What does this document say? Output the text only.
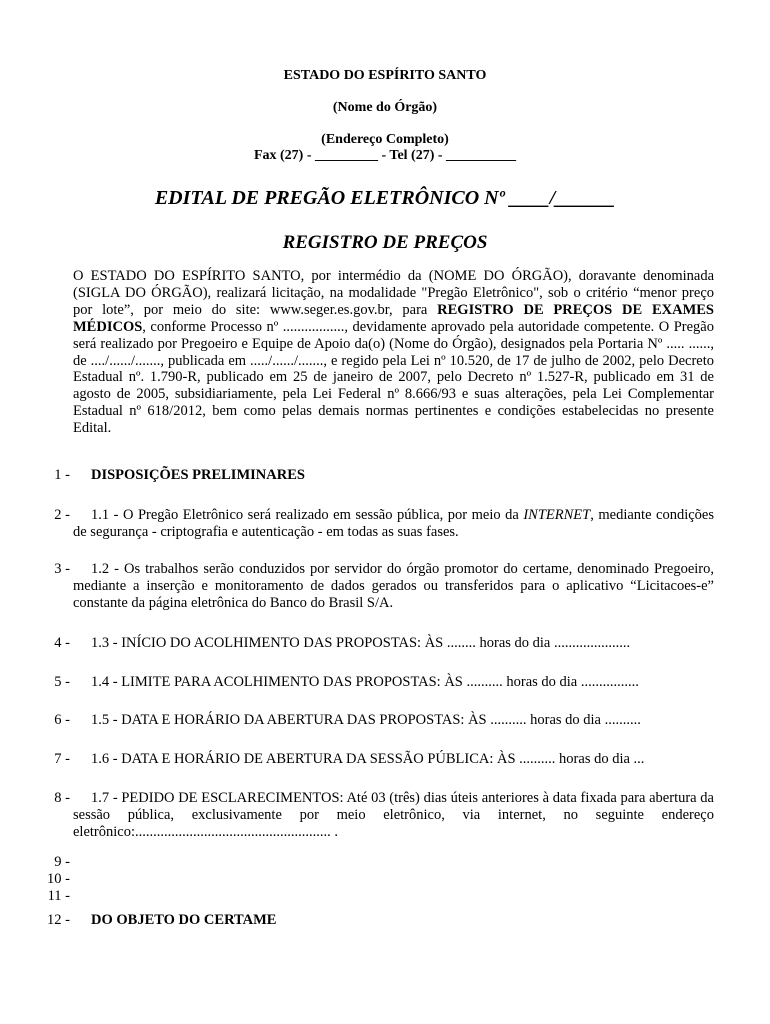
ESTADO DO ESPÍRITO SANTO
(Nome do Órgão)
(Endereço Completo)
Fax (27) - _________ - Tel (27) - __________
EDITAL DE PREGÃO ELETRÔNICO Nº ____/______
REGISTRO DE PREÇOS
O ESTADO DO ESPÍRITO SANTO, por intermédio da (NOME DO ÓRGÃO), doravante denominada (SIGLA DO ÓRGÃO), realizará licitação, na modalidade "Pregão Eletrônico", sob o critério “menor preço por lote”, por meio do site: www.seger.es.gov.br, para REGISTRO DE PREÇOS DE EXAMES MÉDICOS, conforme Processo nº ................., devidamente aprovado pela autoridade competente. O Pregão será realizado por Pregoeiro e Equipe de Apoio da(o) (Nome do Órgão), designados pela Portaria Nº ..... ......, de ..../....../......., publicada em ...../....../......., e regido pela Lei nº 10.520, de 17 de julho de 2002, pelo Decreto Estadual nº. 1.790-R, publicado em 25 de janeiro de 2007, pelo Decreto nº 1.527-R, publicado em 31 de agosto de 2005, subsidiariamente, pela Lei Federal nº 8.666/93 e suas alterações, pela Lei Complementar Estadual nº 618/2012, bem como pelas demais normas pertinentes e condições estabelecidas no presente Edital.
1 - DISPOSIÇÕES PRELIMINARES
2 -	1.1 - O Pregão Eletrônico será realizado em sessão pública, por meio da INTERNET, mediante condições de segurança - criptografia e autenticação - em todas as suas fases.
3 -	1.2 - Os trabalhos serão conduzidos por servidor do órgão promotor do certame, denominado Pregoeiro, mediante a inserção e monitoramento de dados gerados ou transferidos para o aplicativo “Licitacoes-e” constante da página eletrônica do Banco do Brasil S/A.
4 -	1.3 - INÍCIO DO ACOLHIMENTO DAS PROPOSTAS: ÀS ........ horas do dia .....................
5 -	1.4 - LIMITE PARA ACOLHIMENTO DAS PROPOSTAS: ÀS .......... horas do dia ................
6 -	1.5 - DATA E HORÁRIO DA ABERTURA DAS PROPOSTAS: ÀS .......... horas do dia ..........
7 -	1.6 - DATA E HORÁRIO DE ABERTURA DA SESSÃO PÚBLICA: ÀS .......... horas do dia ...
8 -	1.7 - PEDIDO DE ESCLARECIMENTOS: Até 03 (três) dias úteis anteriores à data fixada para abertura da sessão pública, exclusivamente por meio eletrônico, via internet, no seguinte endereço eletrônico:...................................................... .
9 -
10 -
11 -
12 - DO OBJETO DO CERTAME
